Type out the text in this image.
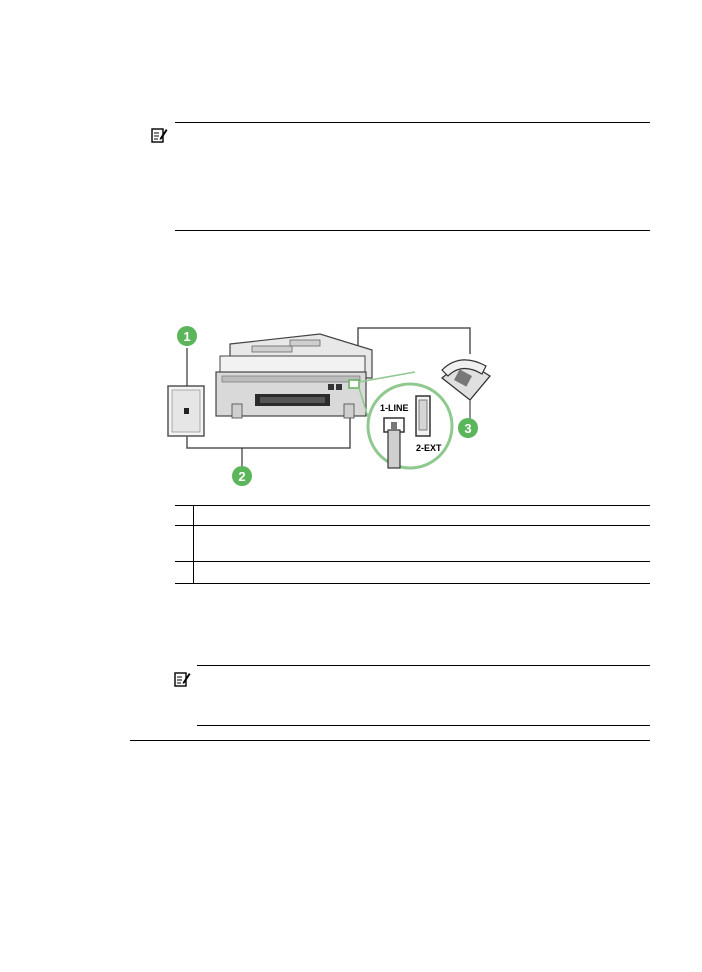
1-LINE
2-EXT
1
2
3
